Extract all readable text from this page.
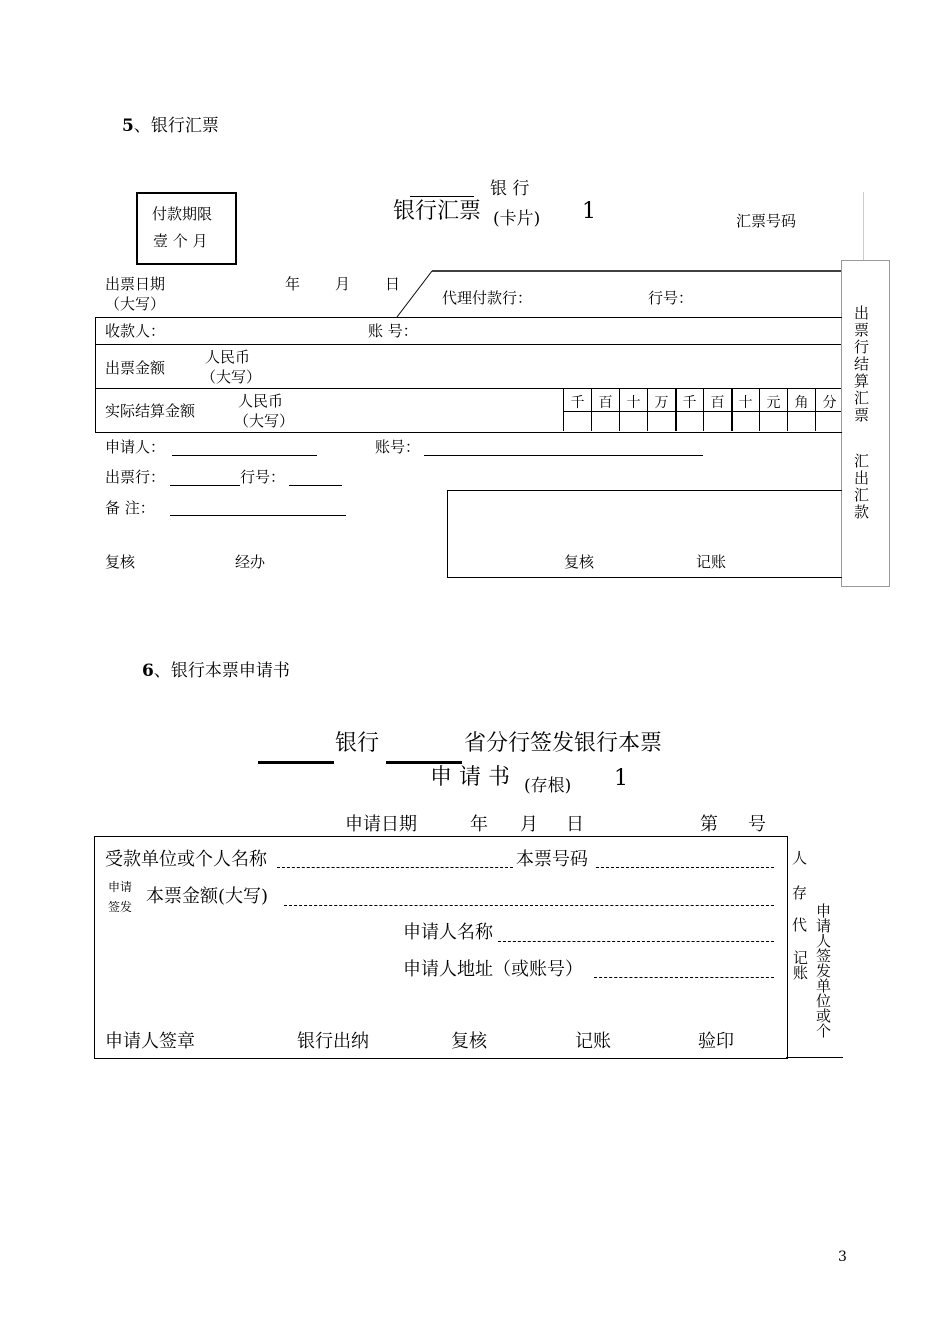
5、银行汇票
付款期限
壹 个 月
银 行
银行汇票 (卡片) 1	汇票号码
出票行结算汇票
汇出汇款
出票日期
（大写）
年 月 日
代理付款行：	行号：
收款人：	账 号：
出票金额
人民币
（大写）
实际结算金额
人民币
（大写）
千	百	十	万	千	百	十	元	角	分
申请人：	账号：
出票行：	行号：
备 注：
复核	经办	复核	记账
6、银行本票申请书
银行	省分行签发银行本票
申 请 书 (存根) 1
申请日期	年 月 日	第 号
受款单位或个人名称	本票号码
申请
签发 本票金额(大写)
申请人名称
申请人地址（或账号）
申请人签章	银行出纳	复核	记账	验印
人
存
代
记账 申请人签发单位或个
3
